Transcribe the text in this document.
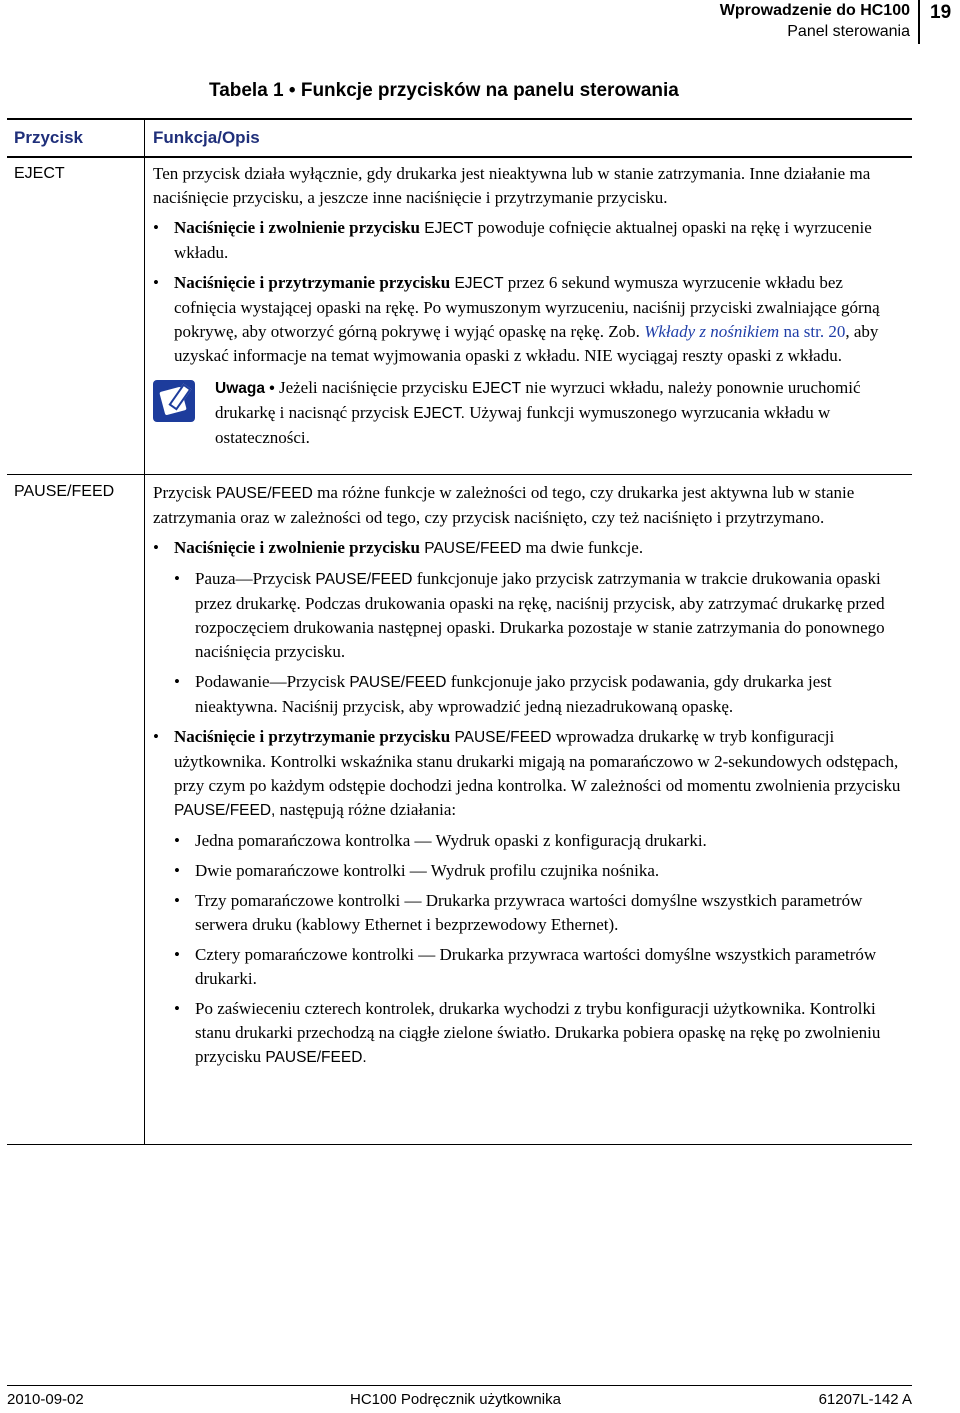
Wprowadzenie do HC100
Panel sterowania
19
Tabela 1 • Funkcje przycisków na panelu sterowania
Przycisk	Funkcja/Opis
EJECT	Ten przycisk działa wyłącznie, gdy drukarka jest nieaktywna lub w stanie zatrzymania. Inne działanie ma naciśnięcie przycisku, a jeszcze inne naciśnięcie i przytrzymanie przycisku.

• Naciśnięcie i zwolnienie przycisku EJECT powoduje cofnięcie aktualnej opaski na rękę i wyrzucenie wkładu.

• Naciśnięcie i przytrzymanie przycisku EJECT przez 6 sekund wymusza wyrzucenie wkładu bez cofnięcia wystającej opaski na rękę. Po wymuszonym wyrzuceniu, naciśnij przyciski zwalniające górną pokrywę, aby otworzyć górną pokrywę i wyjąć opaskę na rękę. Zob. Wkłady z nośnikiem na str. 20, aby uzyskać informacje na temat wyjmowania opaski z wkładu. NIE wyciągaj reszty opaski z wkładu.

Uwaga • Jeżeli naciśnięcie przycisku EJECT nie wyrzuci wkładu, należy ponownie uruchomić drukarkę i nacisnąć przycisk EJECT. Używaj funkcji wymuszonego wyrzucania wkładu w ostateczności.

PAUSE/FEED Przycisk PAUSE/FEED ma różne funkcje w zależności od tego, czy drukarka jest aktywna lub w stanie zatrzymania oraz w zależności od tego, czy przycisk naciśnięto, czy też naciśnięto i przytrzymano.

• Naciśnięcie i zwolnienie przycisku PAUSE/FEED ma dwie funkcje.

• Pauza—Przycisk PAUSE/FEED funkcjonuje jako przycisk zatrzymania w trakcie drukowania opaski przez drukarkę. Podczas drukowania opaski na rękę, naciśnij przycisk, aby zatrzymać drukarkę przed rozpoczęciem drukowania następnej opaski. Drukarka pozostaje w stanie zatrzymania do ponownego naciśnięcia przycisku.

• Podawanie—Przycisk PAUSE/FEED funkcjonuje jako przycisk podawania, gdy drukarka jest nieaktywna. Naciśnij przycisk, aby wprowadzić jedną niezadrukowaną opaskę.

• Naciśnięcie i przytrzymanie przycisku PAUSE/FEED wprowadza drukarkę w tryb konfiguracji użytkownika. Kontrolki wskaźnika stanu drukarki migają na pomarańczowo w 2-sekundowych odstępach, przy czym po każdym odstępie dochodzi jedna kontrolka. W zależności od momentu zwolnienia przycisku PAUSE/FEED, następują różne działania:

• Jedna pomarańczowa kontrolka — Wydruk opaski z konfiguracją drukarki.

• Dwie pomarańczowe kontrolki — Wydruk profilu czujnika nośnika.

• Trzy pomarańczowe kontrolki — Drukarka przywraca wartości domyślne wszystkich parametrów serwera druku (kablowy Ethernet i bezprzewodowy Ethernet).

• Cztery pomarańczowe kontrolki — Drukarka przywraca wartości domyślne wszystkich parametrów drukarki.

• Po zaświeceniu czterech kontrolek, drukarka wychodzi z trybu konfiguracji użytkownika. Kontrolki stanu drukarki przechodzą na ciągłe zielone światło. Drukarka pobiera opaskę na rękę po zwolnieniu przycisku PAUSE/FEED.

2010-09-02	HC100 Podręcznik użytkownika	61207L-142 A
